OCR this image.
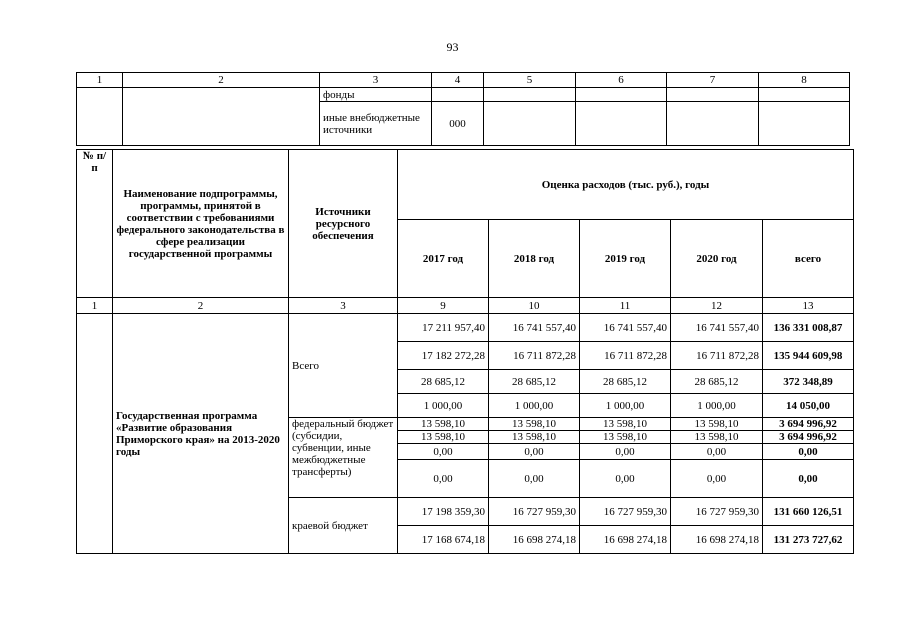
93
1	2	3	4	5	6	7	8
		фонды					
		иные внебюджетные источники	000				
№ п/п	Наименование подпрограммы, программы, принятой в соответствии с требованиями федерального законодательства в сфере реализации государственной программы	Источники ресурсного обеспечения	Оценка расходов (тыс. руб.), годы				
			2017 год	2018 год	2019 год	2020 год	всего
1	2	3	9	10	11	12	13
	Государственная программа «Развитие образования Приморского края» на 2013-2020 годы	Всего	17 211 957,40	16 741 557,40	16 741 557,40	16 741 557,40	136 331 008,87
			17 182 272,28	16 711 872,28	16 711 872,28	16 711 872,28	135 944 609,98
			28 685,12	28 685,12	28 685,12	28 685,12	372 348,89
			1 000,00	1 000,00	1 000,00	1 000,00	14 050,00
		федеральный бюджет (субсидии, субвенции, иные межбюджетные трансферты)	13 598,10	13 598,10	13 598,10	13 598,10	3 694 996,92
			13 598,10	13 598,10	13 598,10	13 598,10	3 694 996,92
			0,00	0,00	0,00	0,00	0,00
			0,00	0,00	0,00	0,00	0,00
		краевой бюджет	17 198 359,30	16 727 959,30	16 727 959,30	16 727 959,30	131 660 126,51
			17 168 674,18	16 698 274,18	16 698 274,18	16 698 274,18	131 273 727,62
